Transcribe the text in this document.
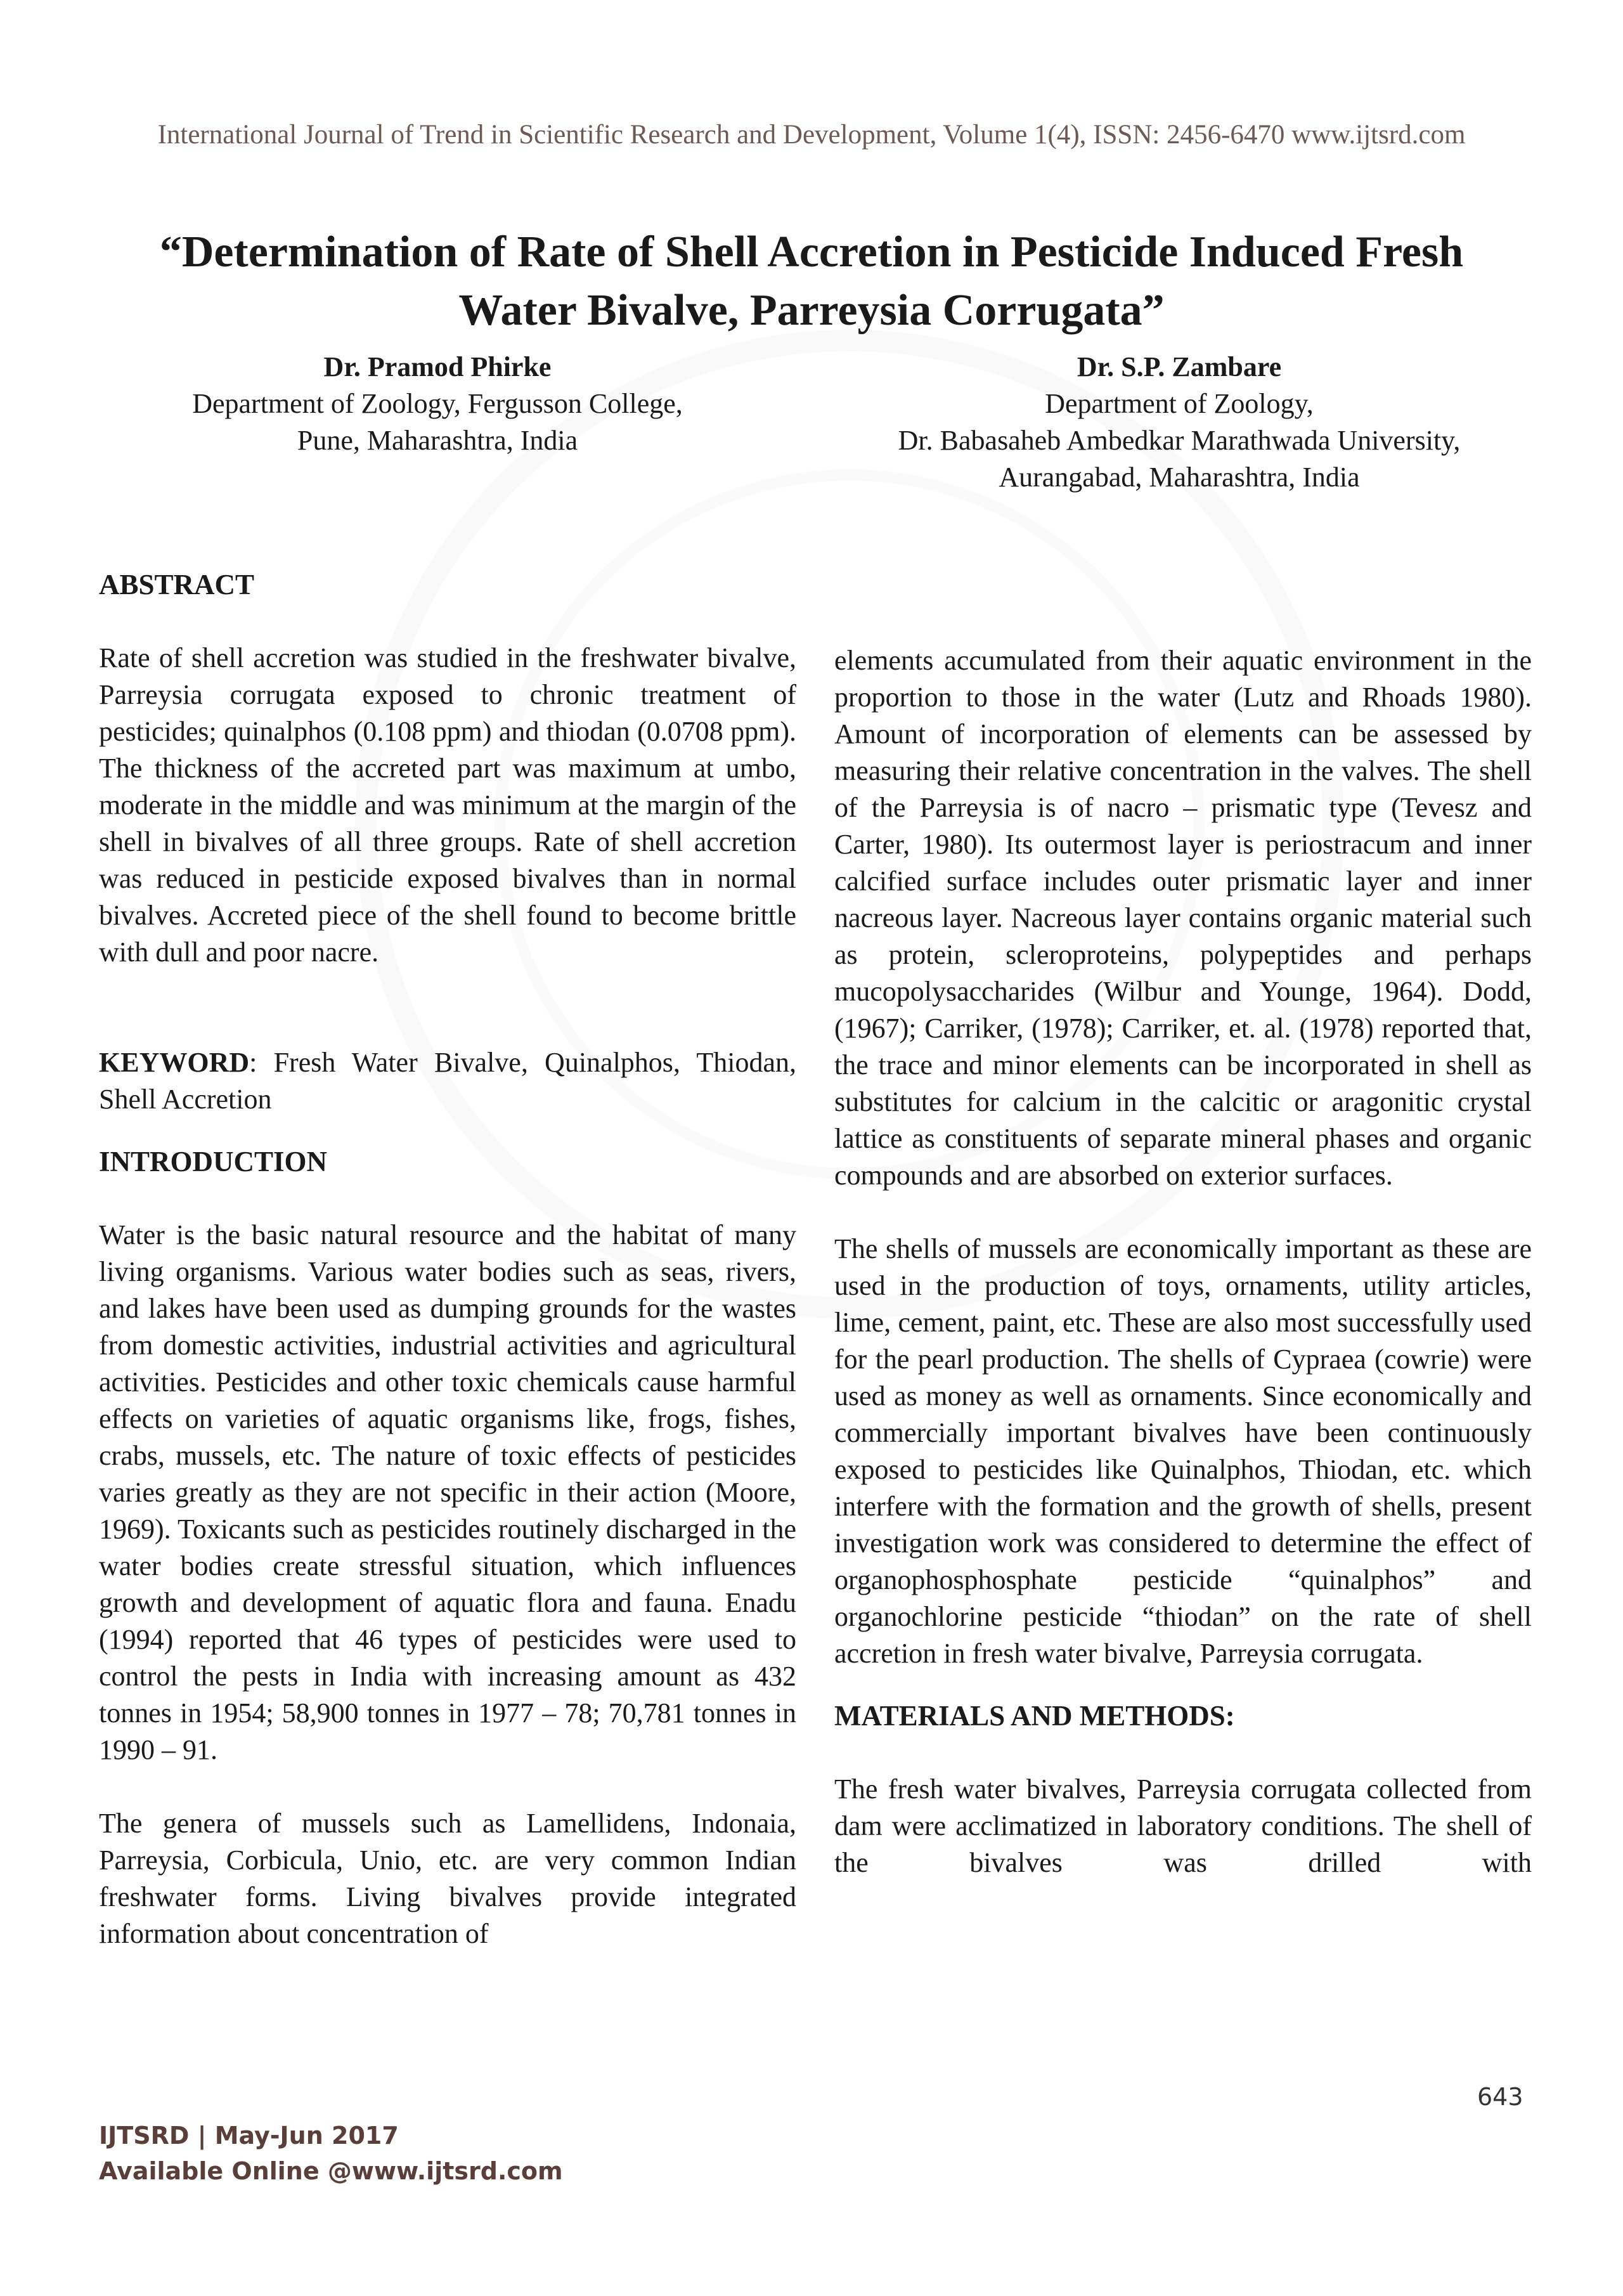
International Journal of Trend in Scientific Research and Development, Volume 1(4), ISSN: 2456-6470 www.ijtsrd.com
“Determination of Rate of Shell Accretion in Pesticide Induced Fresh
Water Bivalve, Parreysia Corrugata”
Dr. Pramod Phirke
Department of Zoology, Fergusson College,
Pune, Maharashtra, India
Dr. S.P. Zambare
Department of Zoology,
Dr. Babasaheb Ambedkar Marathwada University,
Aurangabad, Maharashtra, India
ABSTRACT

Rate of shell accretion was studied in the freshwater bivalve, Parreysia corrugata exposed to chronic treatment of pesticides; quinalphos (0.108 ppm) and thiodan (0.0708 ppm). The thickness of the accreted part was maximum at umbo, moderate in the middle and was minimum at the margin of the shell in bivalves of all three groups. Rate of shell accretion was reduced in pesticide exposed bivalves than in normal bivalves. Accreted piece of the shell found to become brittle with dull and poor nacre.

KEYWORD: Fresh Water Bivalve, Quinalphos, Thiodan, Shell Accretion

INTRODUCTION

Water is the basic natural resource and the habitat of many living organisms. Various water bodies such as seas, rivers, and lakes have been used as dumping grounds for the wastes from domestic activities, industrial activities and agricultural activities. Pesticides and other toxic chemicals cause harmful effects on varieties of aquatic organisms like, frogs, fishes, crabs, mussels, etc. The nature of toxic effects of pesticides varies greatly as they are not specific in their action (Moore, 1969). Toxicants such as pesticides routinely discharged in the water bodies create stressful situation, which influences growth and development of aquatic flora and fauna. Enadu (1994) reported that 46 types of pesticides were used to control the pests in India with increasing amount as 432 tonnes in 1954; 58,900 tonnes in 1977 – 78; 70,781 tonnes in 1990 – 91.

The genera of mussels such as Lamellidens, Indonaia, Parreysia, Corbicula, Unio, etc. are very common Indian freshwater forms. Living bivalves provide integrated information about concentration of

elements accumulated from their aquatic environment in the proportion to those in the water (Lutz and Rhoads 1980). Amount of incorporation of elements can be assessed by measuring their relative concentration in the valves. The shell of the Parreysia is of nacro – prismatic type (Tevesz and Carter, 1980). Its outermost layer is periostracum and inner calcified surface includes outer prismatic layer and inner nacreous layer. Nacreous layer contains organic material such as protein, scleroproteins, polypeptides and perhaps mucopolysaccharides (Wilbur and Younge, 1964). Dodd, (1967); Carriker, (1978); Carriker, et. al. (1978) reported that, the trace and minor elements can be incorporated in shell as substitutes for calcium in the calcitic or aragonitic crystal lattice as constituents of separate mineral phases and organic compounds and are absorbed on exterior surfaces.

The shells of mussels are economically important as these are used in the production of toys, ornaments, utility articles, lime, cement, paint, etc. These are also most successfully used for the pearl production. The shells of Cypraea (cowrie) were used as money as well as ornaments. Since economically and commercially important bivalves have been continuously exposed to pesticides like Quinalphos, Thiodan, etc. which interfere with the formation and the growth of shells, present investigation work was considered to determine the effect of organophosphosphate pesticide “quinalphos” and organochlorine pesticide “thiodan” on the rate of shell accretion in fresh water bivalve, Parreysia corrugata.

MATERIALS AND METHODS:

The fresh water bivalves, Parreysia corrugata collected from dam were acclimatized in laboratory conditions. The shell of the bivalves was drilled with

643
IJTSRD | May-Jun 2017
Available Online @www.ijtsrd.com
